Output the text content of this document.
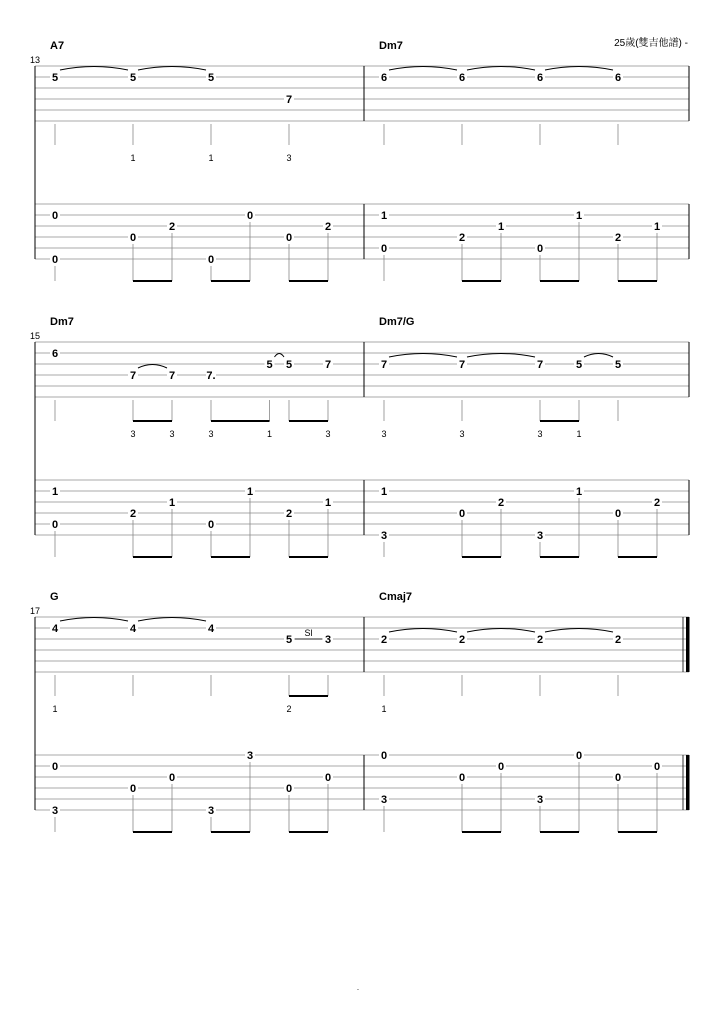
25歲(雙吉他譜) -
13
A7
5	5	5
7
1	1	3
0
0
0
2
0
0
0
2
Dm7
6	6	6	6
1
0
2
1
0
1
2
1
15
Dm7
6
7	7	7.
5 5	7
3	3	3	1	3
1
0
2
1
0
1
2
1
Dm7/G
7	7	7	5	5
3	3	3	1
1
3
0
2
3
1
0
2
17
G
4	4	4
5	3
1	2
Sl
0
3
0
0
3
3
0
0
Cmaj7
2	2	2	2
1
0
3
0
0
3
0
0
0
.
